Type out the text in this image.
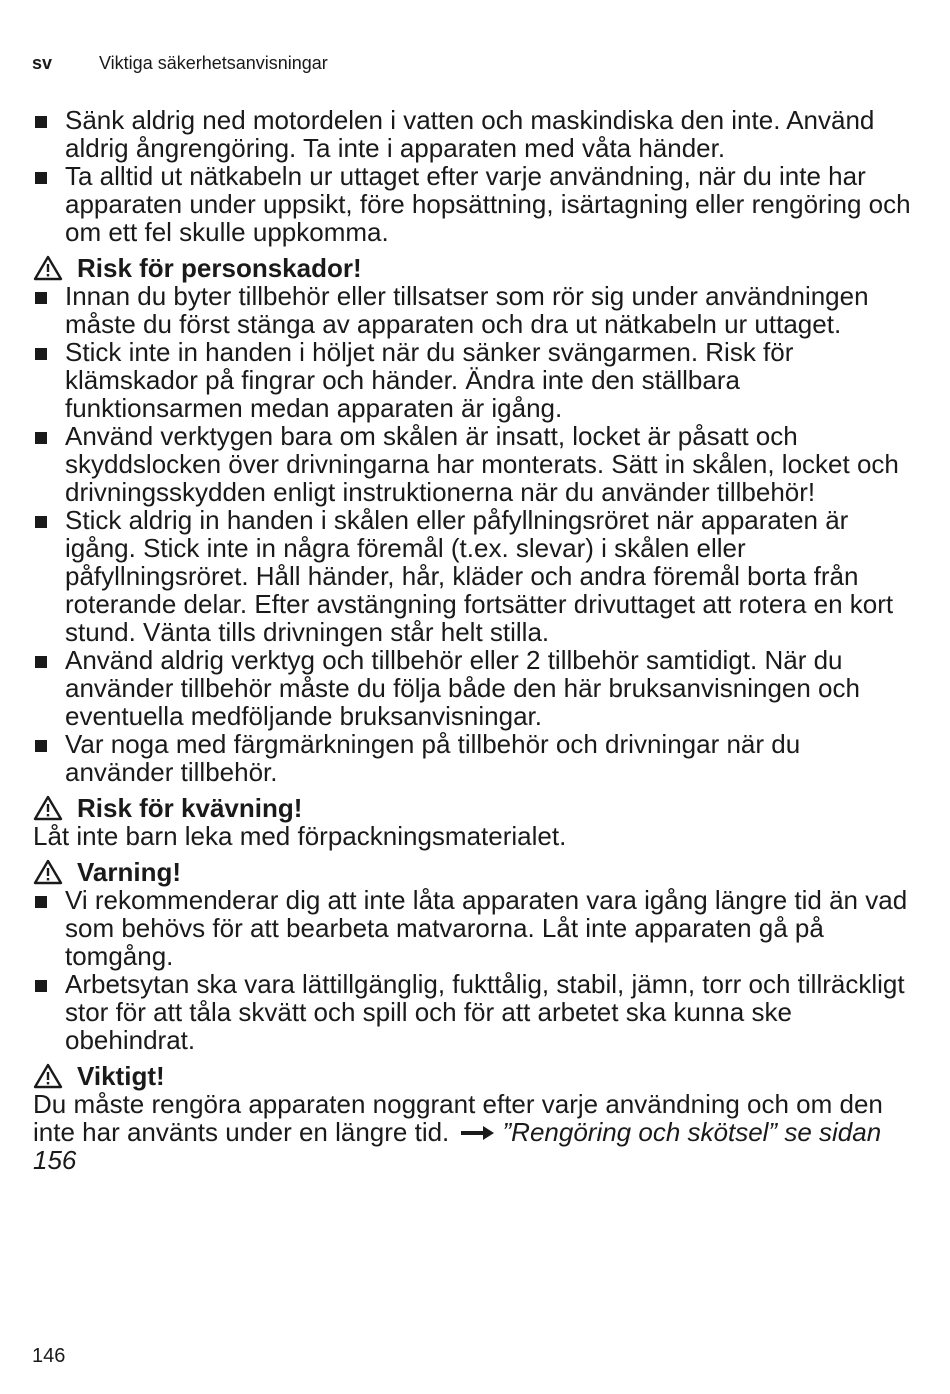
sv	Viktiga säkerhetsanvisningar
Sänk aldrig ned motordelen i vatten och maskindiska den inte. Använd aldrig ångrengöring. Ta inte i apparaten med våta händer.
Ta alltid ut nätkabeln ur uttaget efter varje användning, när du inte har apparaten under uppsikt, före hopsättning, isärtagning eller rengöring och om ett fel skulle uppkomma.
Risk för personskador!
Innan du byter tillbehör eller tillsatser som rör sig under användningen måste du först stänga av apparaten och dra ut nätkabeln ur uttaget.
Stick inte in handen i höljet när du sänker svängarmen. Risk för klämskador på fingrar och händer. Ändra inte den ställbara funktionsarmen medan apparaten är igång.
Använd verktygen bara om skålen är insatt, locket är påsatt och skyddslocken över drivningarna har monterats. Sätt in skålen, locket och drivningsskydden enligt instruktionerna när du använder tillbehör!
Stick aldrig in handen i skålen eller påfyllningsröret när apparaten är igång. Stick inte in några föremål (t.ex. slevar) i skålen eller påfyllningsröret. Håll händer, hår, kläder och andra föremål borta från roterande delar. Efter avstängning fortsätter drivuttaget att rotera en kort stund. Vänta tills drivningen står helt stilla.
Använd aldrig verktyg och tillbehör eller 2 tillbehör samtidigt. När du använder tillbehör måste du följa både den här bruksanvisningen och eventuella medföljande bruksanvisningar.
Var noga med färgmärkningen på tillbehör och drivningar när du använder tillbehör.
Risk för kvävning!
Låt inte barn leka med förpackningsmaterialet.
Varning!
Vi rekommenderar dig att inte låta apparaten vara igång längre tid än vad som behövs för att bearbeta matvarorna. Låt inte apparaten gå på tomgång.
Arbetsytan ska vara lättillgänglig, fukttålig, stabil, jämn, torr och tillräckligt stor för att tåla skvätt och spill och för att arbetet ska kunna ske obehindrat.
Viktigt!
Du måste rengöra apparaten noggrant efter varje användning och om den inte har använts under en längre tid. ”Rengöring och skötsel” se sidan 156
146
